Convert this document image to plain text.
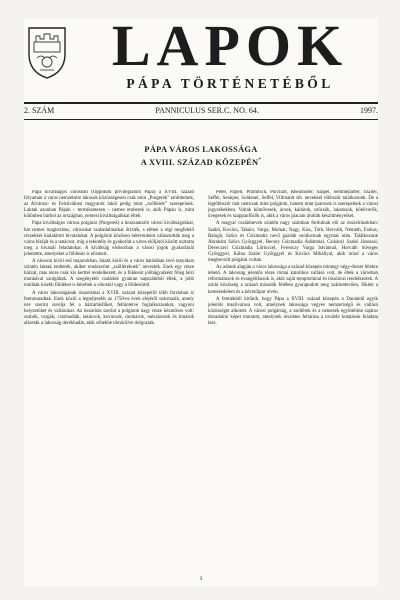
LAPOK
PÁPA TÖRTÉNETÉBŐL
2. SZÁM	PANNICULUS SER.C. NO. 64.	1997.
PÁPA VÁROS LAKOSSÁGA
A XVIII. SZÁZAD KÖZEPÉN*

Pápa kiváltságos városban (Oppidum privilegiatum Papa) a XVIII. század folyamán a város nemzetsére lakosok közösségesen csak mint „Purgerek” emlittetnek, az Alvárosi- és Felsőválrosi magyarok lakói pedig mint „zsöllérek” szerepelnek. Laktak azonban Pápán – természetesen – nemes emberek is, akik Pápán is, mint különben bárhol az országban, nemesi kiváltságaikkal éltek.

Pápa kiváltságos városa polgárai (Purgerek) a hosszantartó városi kiváltságokkal, hat nemes magistrátus, városukat szabadalmaikat őrizték, s ebben a régi megfelelő részekkel kialakított hivatalokat. A polgárok közösen hétévenként választották meg a város bíráját és a tanácsot, míg a tekintély és gyakorlat a város elöljárói között osztotta meg a hivatali feladatokat. A kiváltság elsősorban a városi jogok gyakorlását jelentette, amelyeket a földesúr is elismert.

A városon kívül eső majorokban, házak körül és a város határában levő tanyákon szintén laktak emberek, akiket rendszerint „zsölléreknek” neveztek. Ezek egy része házzal, más része csak kis kerttel rendelkezett, és a földesúr jobbágyaiként főleg kézi munkával szolgáltak. A szegényebb családok gyakran napszámból éltek, a jobb módúak kisebb földeket is béreltek a várostól vagy a földesúrtól.

A város lakosságának összeírásai a XVIII. század közepéről több forrásban is fennmaradtak. Ezek közül a legteljesebb az 1750-es évek elejéről származik, amely név szerint sorolja fel a háztartásfőket, feltüntetve foglalkozásukat, vagyoni helyzetüket és vallásukat. Az összeírás szerint a polgárok nagy része kézműves volt: szabók, vargák, csizmadiák, takácsok, kovácsok, molnárok, mészárosok és tímárok alkották a lakosság derékhadát, akik céhekbe tömörülve dolgoztak.

Peter, Pajtell, Pfumitsch, Purchart, Rheinhöfer, Szapel, Semmeparter, Szaller, Seffer, Sennper, Soldener, Seffel, Villmanit stb. nevekkel többször találkozunk. De a legtöbbször már nemcsak mint polgárok, hanem mint iparosok is szerepelnek a városi jegyzékekben. Voltak kőművesek, ácsok, kádárok, szűcsök, lakatosok, kötélverők, üvegesek és szappanfőzők is, akik a város piacain árulták készítményeiket.

A magyar családnevek szintén nagy számban fordulnak elő az összeírásokban: Szabó, Kovács, Takács, Varga, Molnár, Nagy, Kiss, Tóth, Horváth, Németh, Farkas, Balogh, Szűcs és Csizmadia nevű gazdák sorakoznak egymás után. Találkozunk Ábrahám Szőcs Györggyel, Becsey Csizmadia Ádámmal, Csikányi Szabó Jánossal, Deveczeri Csizmadia Lőrinccel, Ferenczy Varga Istvánnal, Horváth Süveges Györggyel, Kálna Szabó Györggyel és Kovács Mihállyal, akik mind a város megbecsült polgárai voltak.

Az adatok alapján a város lakossága a század közepén mintegy négy-ötezer lélekre tehető. A lakosság jelentős része római katolikus vallású volt, de éltek a városban reformátusok és evangélikusok is, akik saját templommal és iskolával rendelkeztek. A zsidó közösség a század második felében gyarapodott meg számottevően, főként a kereskedelem és a kézműipar révén.

A fentiekből kitűnik, hogy Pápa a XVIII. század közepén a Dunántúl egyik jelentős mezővárosa volt, amelynek lakossága vegyes nemzetiségű és vallású közösséget alkotott. A városi polgárság, a zsellérek és a nemesek együttélése sajátos társadalmi képet mutatott, amelynek részletes feltárása a további kutatások feladata lesz.

3
